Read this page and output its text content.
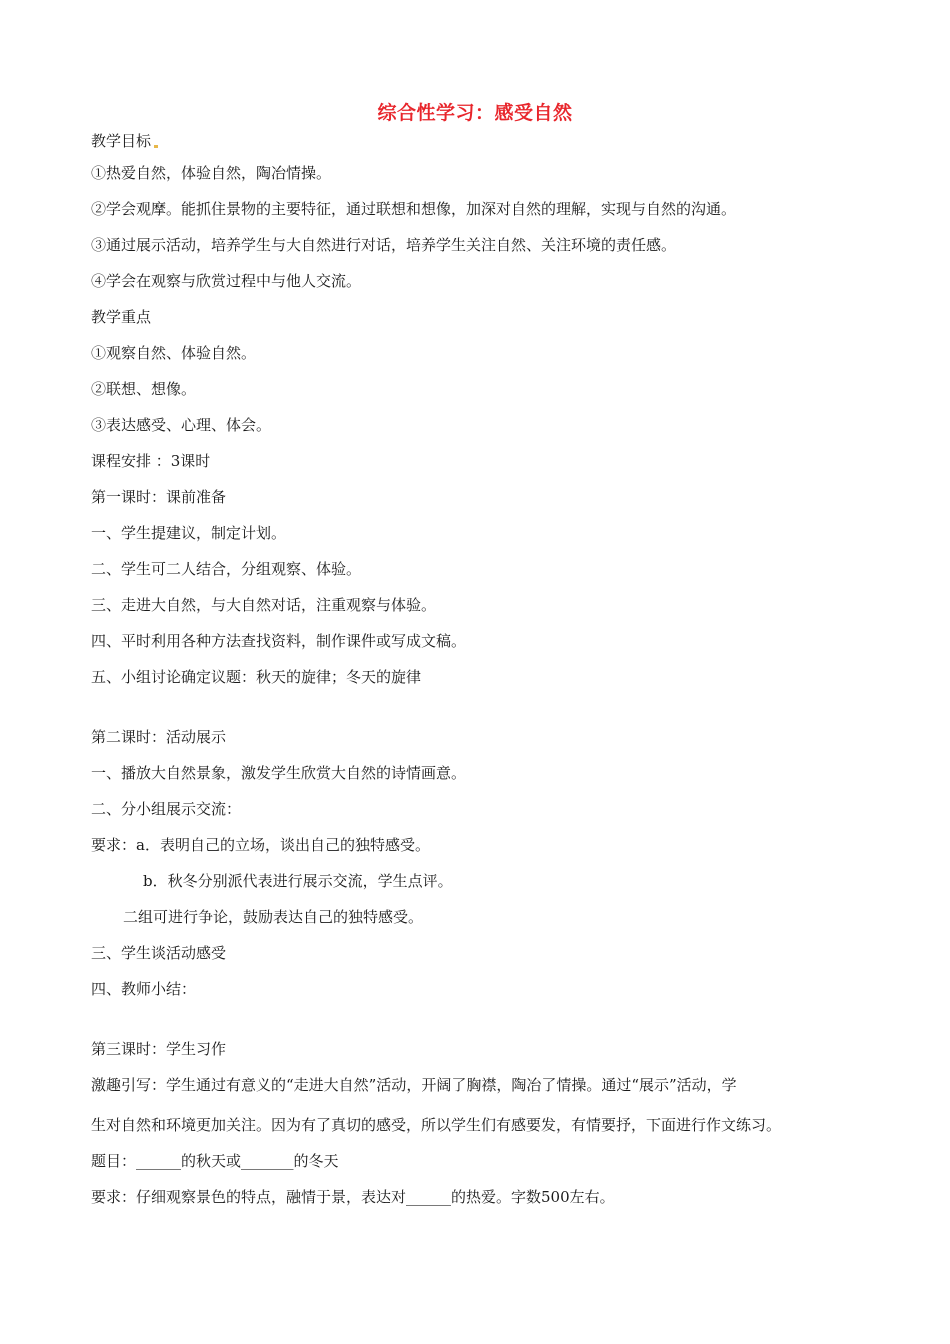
综合性学习：感受自然
教学目标
①热爱自然，体验自然，陶冶情操。
②学会观摩。能抓住景物的主要特征，通过联想和想像，加深对自然的理解，实现与自然的沟通。
③通过展示活动，培养学生与大自然进行对话，培养学生关注自然、关注环境的责任感。
④学会在观察与欣赏过程中与他人交流。
教学重点
①观察自然、体验自然。
②联想、想像。
③表达感受、心理、体会。
课程安排 ：3课时
第一课时：课前准备
一、学生提建议，制定计划。
二、学生可二人结合，分组观察、体验。
三、走进大自然，与大自然对话，注重观察与体验。
四、平时利用各种方法查找资料，制作课件或写成文稿。
五、小组讨论确定议题：秋天的旋律；冬天的旋律
第二课时：活动展示
一、播放大自然景象，激发学生欣赏大自然的诗情画意。
二、分小组展示交流：
要求：a．表明自己的立场，谈出自己的独特感受。
b．秋冬分别派代表进行展示交流，学生点评。
二组可进行争论，鼓励表达自己的独特感受。
三、学生谈活动感受
四、教师小结：
第三课时：学生习作
激趣引写：学生通过有意义的“走进大自然”活动，开阔了胸襟，陶冶了情操。通过“展示”活动，学
生对自然和环境更加关注。因为有了真切的感受，所以学生们有感要发，有情要抒，下面进行作文练习。
题目：______的秋天或_______的冬天
要求：仔细观察景色的特点，融情于景，表达对______的热爱。字数500左右。
